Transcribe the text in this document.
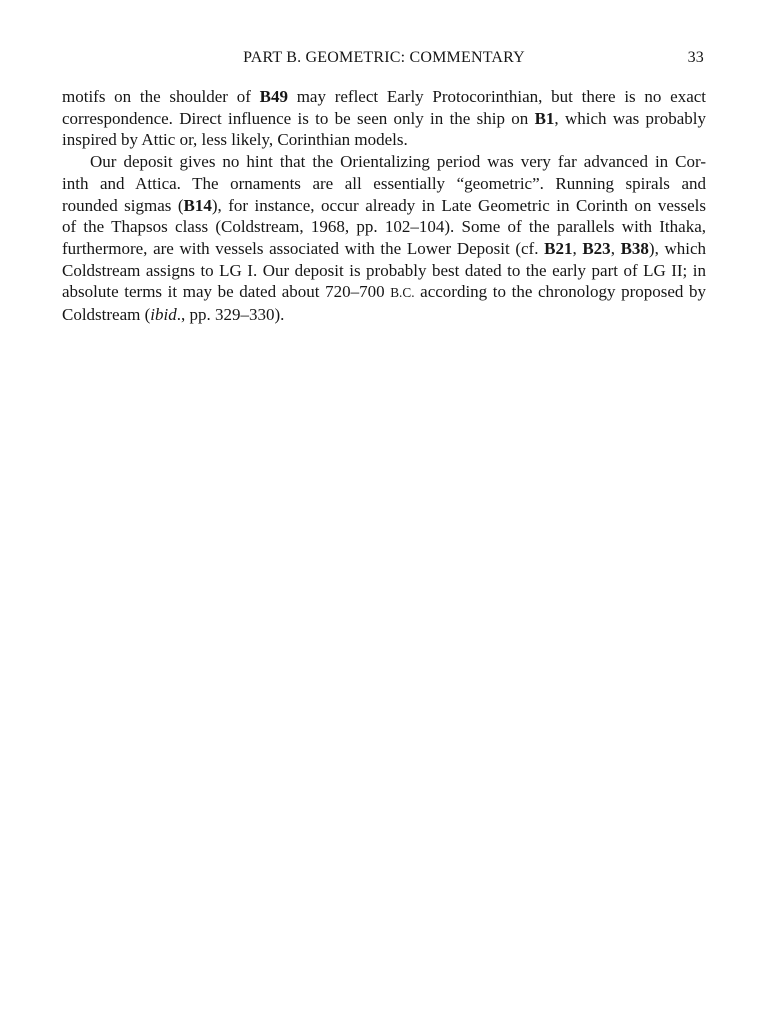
PART B. GEOMETRIC: COMMENTARY	33
motifs on the shoulder of B49 may reflect Early Protocorinthian, but there is no exact
correspondence. Direct influence is to be seen only in the ship on B1, which was probably
inspired by Attic or, less likely, Corinthian models.
Our deposit gives no hint that the Orientalizing period was very far advanced in Cor-
inth and Attica. The ornaments are all essentially “geometric”. Running spirals and
rounded sigmas (B14), for instance, occur already in Late Geometric in Corinth on vessels
of the Thapsos class (Coldstream, 1968, pp. 102–104). Some of the parallels with Ithaka,
furthermore, are with vessels associated with the Lower Deposit (cf. B21, B23, B38), which
Coldstream assigns to LG I. Our deposit is probably best dated to the early part of LG II; in
absolute terms it may be dated about 720–700 B.C. according to the chronology proposed by
Coldstream (ibid., pp. 329–330).
